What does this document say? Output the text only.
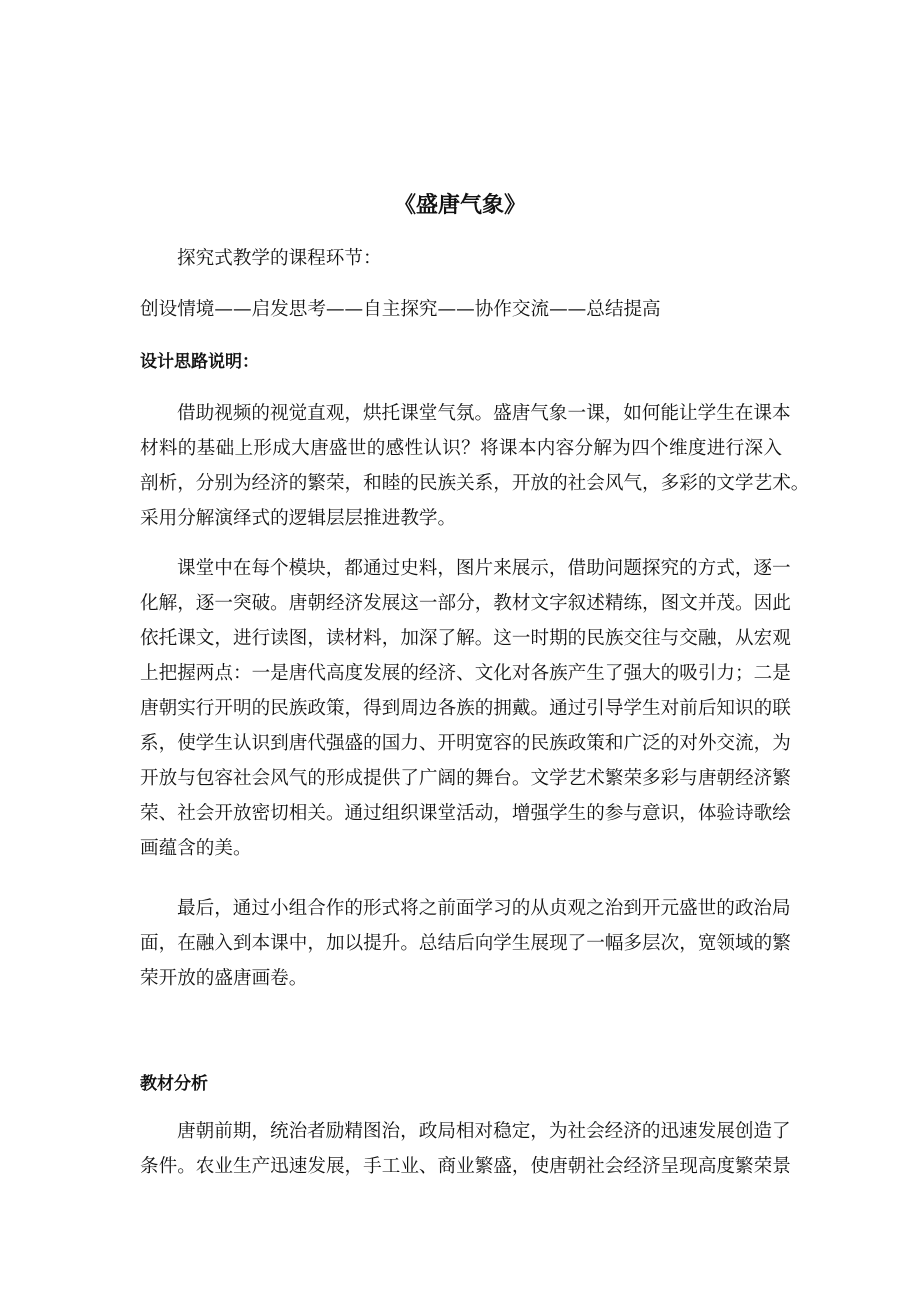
《盛唐气象》
探究式教学的课程环节：
创设情境——启发思考——自主探究——协作交流——总结提高
设计思路说明：
借助视频的视觉直观，烘托课堂气氛。盛唐气象一课，如何能让学生在课本
材料的基础上形成大唐盛世的感性认识？将课本内容分解为四个维度进行深入
剖析，分别为经济的繁荣，和睦的民族关系，开放的社会风气，多彩的文学艺术。
采用分解演绎式的逻辑层层推进教学。
课堂中在每个模块，都通过史料，图片来展示，借助问题探究的方式，逐一
化解，逐一突破。唐朝经济发展这一部分，教材文字叙述精练，图文并茂。因此
依托课文，进行读图，读材料，加深了解。这一时期的民族交往与交融，从宏观
上把握两点：一是唐代高度发展的经济、文化对各族产生了强大的吸引力；二是
唐朝实行开明的民族政策，得到周边各族的拥戴。通过引导学生对前后知识的联
系，使学生认识到唐代强盛的国力、开明宽容的民族政策和广泛的对外交流，为
开放与包容社会风气的形成提供了广阔的舞台。文学艺术繁荣多彩与唐朝经济繁
荣、社会开放密切相关。通过组织课堂活动，增强学生的参与意识，体验诗歌绘
画蕴含的美。
最后，通过小组合作的形式将之前面学习的从贞观之治到开元盛世的政治局
面，在融入到本课中，加以提升。总结后向学生展现了一幅多层次，宽领域的繁
荣开放的盛唐画卷。
唐朝前期，统治者励精图治，政局相对稳定，为社会经济的迅速发展创造了
条件。农业生产迅速发展，手工业、商业繁盛，使唐朝社会经济呈现高度繁荣景
教材分析
